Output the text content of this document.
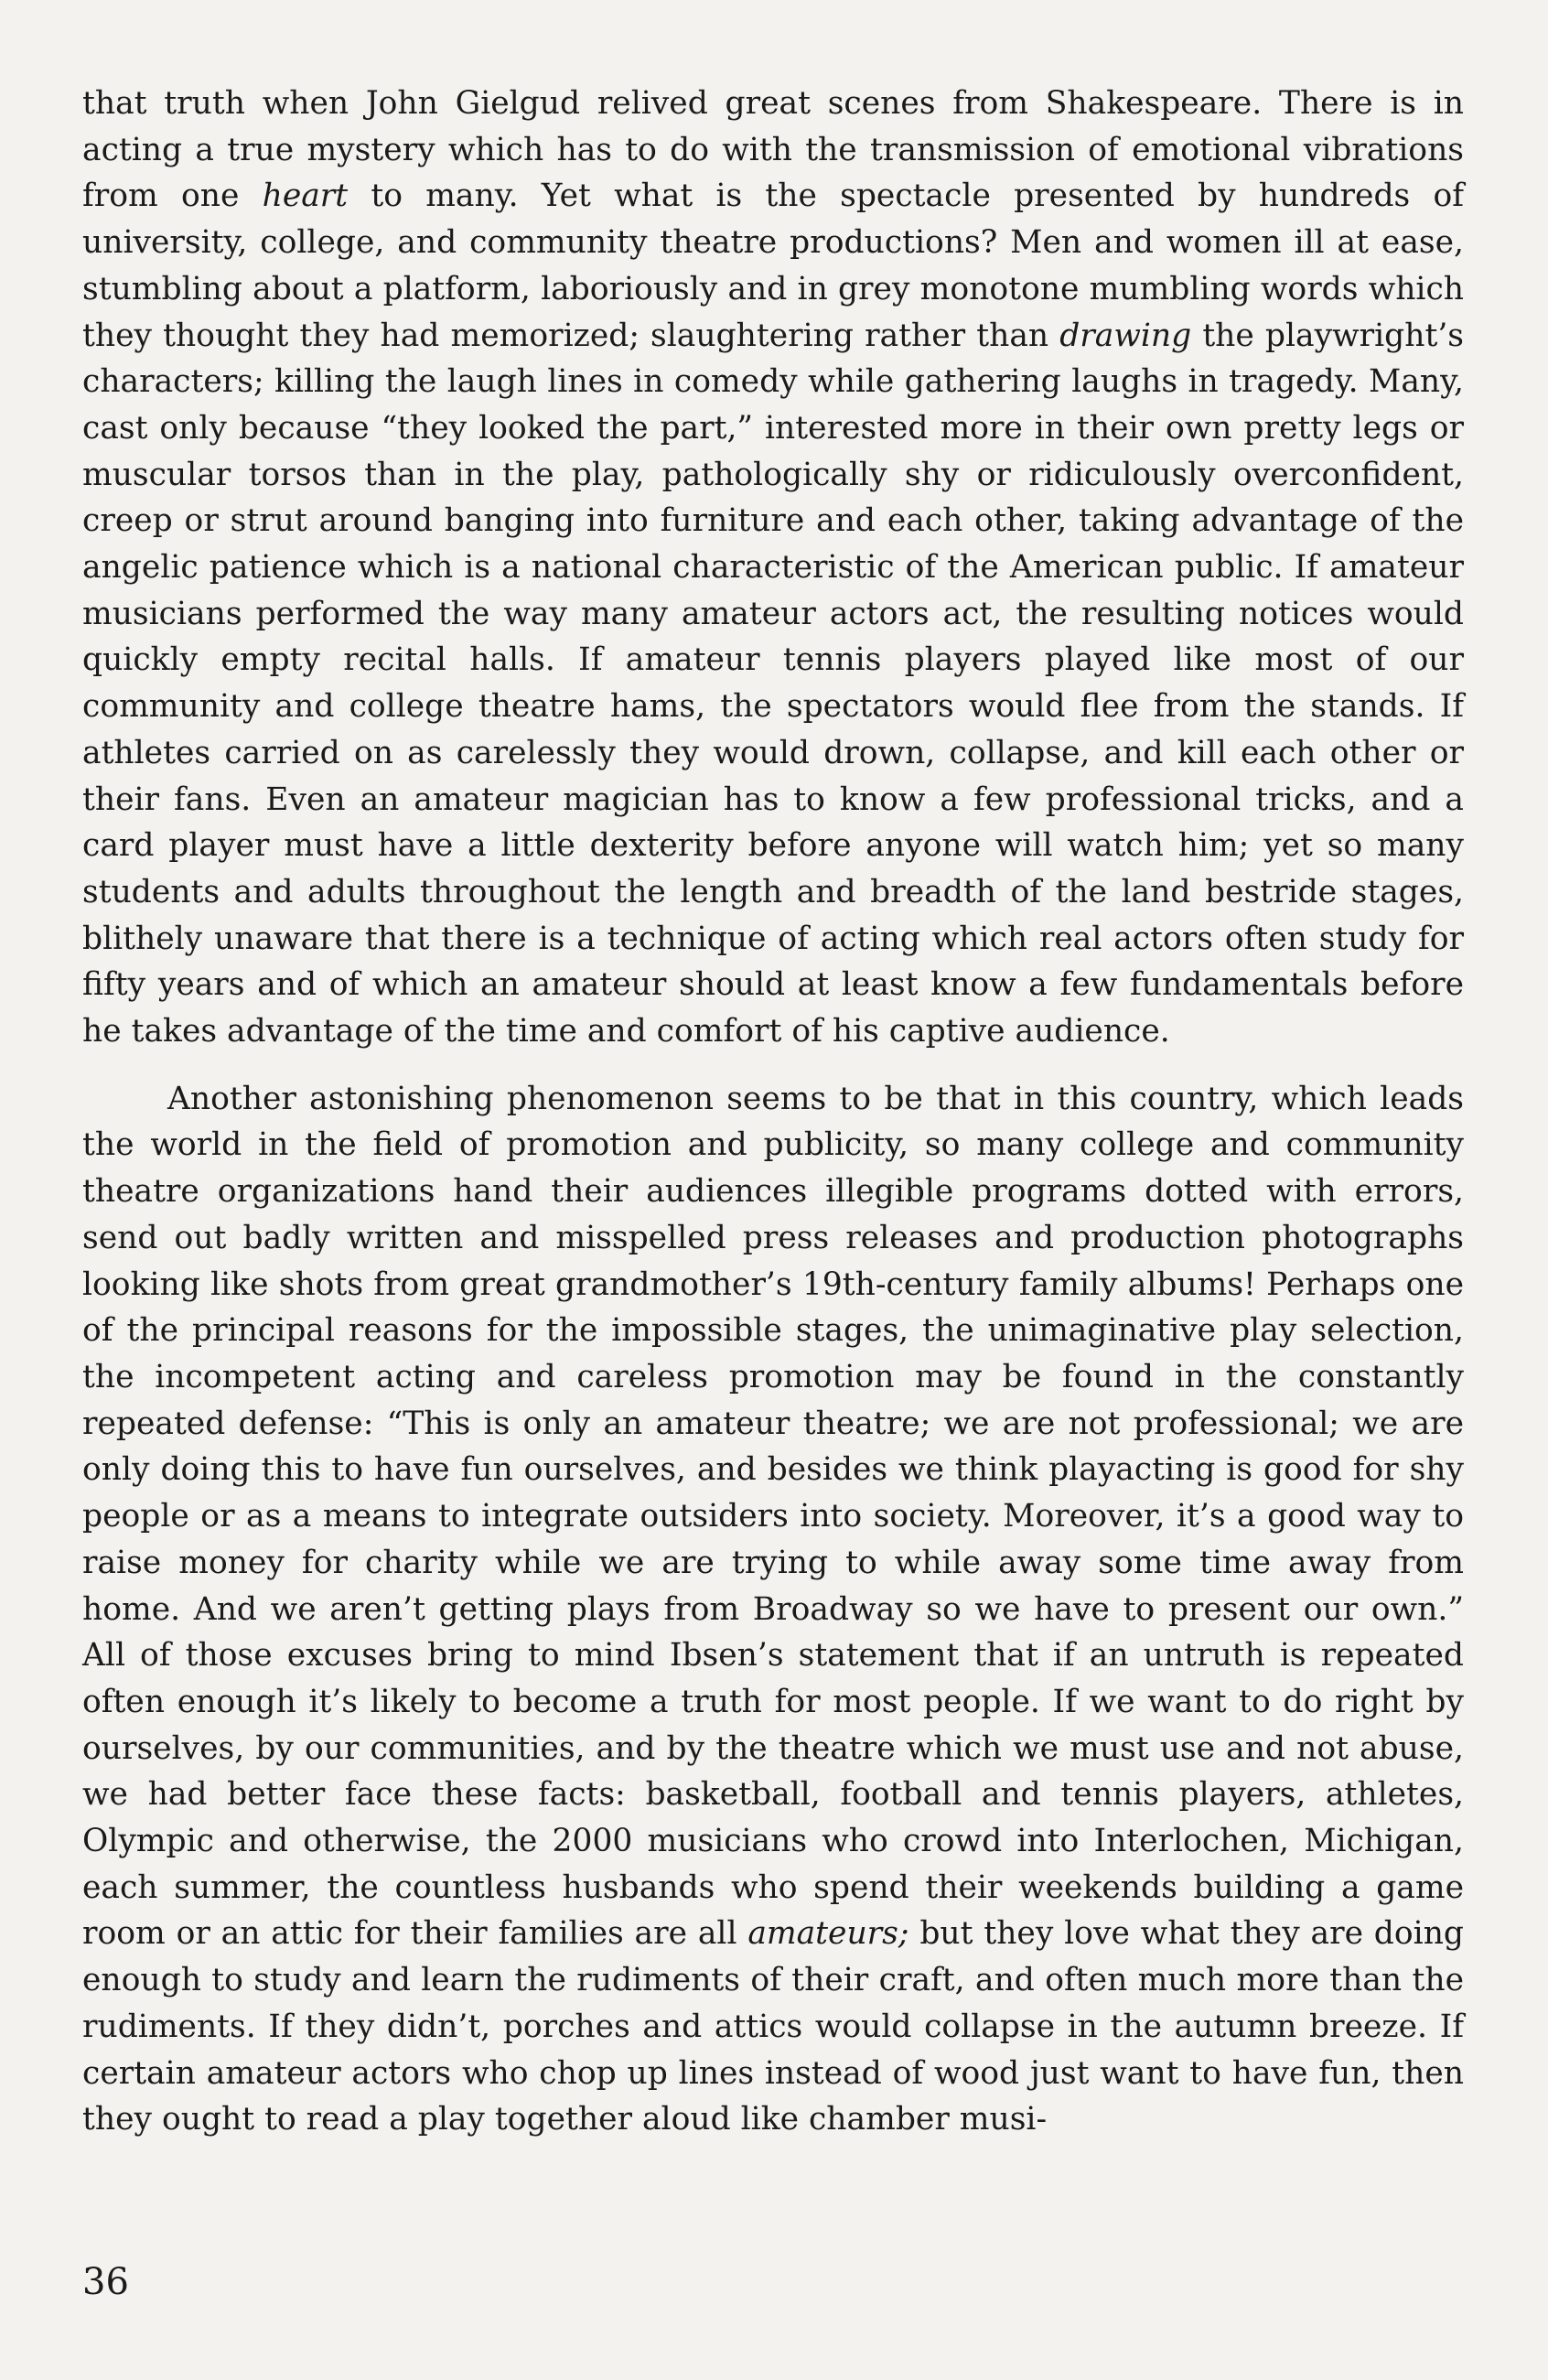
that truth when John Gielgud relived great scenes from Shakespeare. There is in acting a true mystery which has to do with the transmission of emotional vibrations from one heart to many. Yet what is the spectacle presented by hundreds of university, college, and community theatre productions? Men and women ill at ease, stumbling about a platform, laboriously and in grey monotone mumbling words which they thought they had memorized; slaughtering rather than drawing the playwright’s characters; killing the laugh lines in comedy while gathering laughs in tragedy. Many, cast only because “they looked the part,” interested more in their own pretty legs or muscular torsos than in the play, pathologically shy or ridiculously overconfident, creep or strut around banging into furniture and each other, taking advantage of the angelic patience which is a national characteristic of the American public. If amateur musicians performed the way many amateur actors act, the resulting notices would quickly empty recital halls. If amateur tennis players played like most of our community and college theatre hams, the spectators would flee from the stands. If athletes carried on as carelessly they would drown, collapse, and kill each other or their fans. Even an amateur magician has to know a few professional tricks, and a card player must have a little dexterity before anyone will watch him; yet so many students and adults throughout the length and breadth of the land bestride stages, blithely unaware that there is a technique of acting which real actors often study for fifty years and of which an amateur should at least know a few fundamentals before he takes advantage of the time and comfort of his captive audience.

Another astonishing phenomenon seems to be that in this country, which leads the world in the field of promotion and publicity, so many college and community theatre organizations hand their audiences illegible programs dotted with errors, send out badly written and misspelled press releases and production photographs looking like shots from great grandmother’s 19th-century family albums! Perhaps one of the principal reasons for the impossible stages, the unimaginative play selection, the incompetent acting and careless promotion may be found in the constantly repeated defense: “This is only an amateur theatre; we are not professional; we are only doing this to have fun ourselves, and besides we think playacting is good for shy people or as a means to integrate outsiders into society. Moreover, it’s a good way to raise money for charity while we are trying to while away some time away from home. And we aren’t getting plays from Broadway so we have to present our own.” All of those excuses bring to mind Ibsen’s statement that if an untruth is repeated often enough it’s likely to become a truth for most people. If we want to do right by ourselves, by our communities, and by the theatre which we must use and not abuse, we had better face these facts: basketball, football and tennis players, athletes, Olympic and otherwise, the 2000 musicians who crowd into Interlochen, Michigan, each summer, the countless husbands who spend their weekends building a game room or an attic for their families are all amateurs; but they love what they are doing enough to study and learn the rudiments of their craft, and often much more than the rudiments. If they didn’t, porches and attics would collapse in the autumn breeze. If certain amateur actors who chop up lines instead of wood just want to have fun, then they ought to read a play together aloud like chamber musi-

36
